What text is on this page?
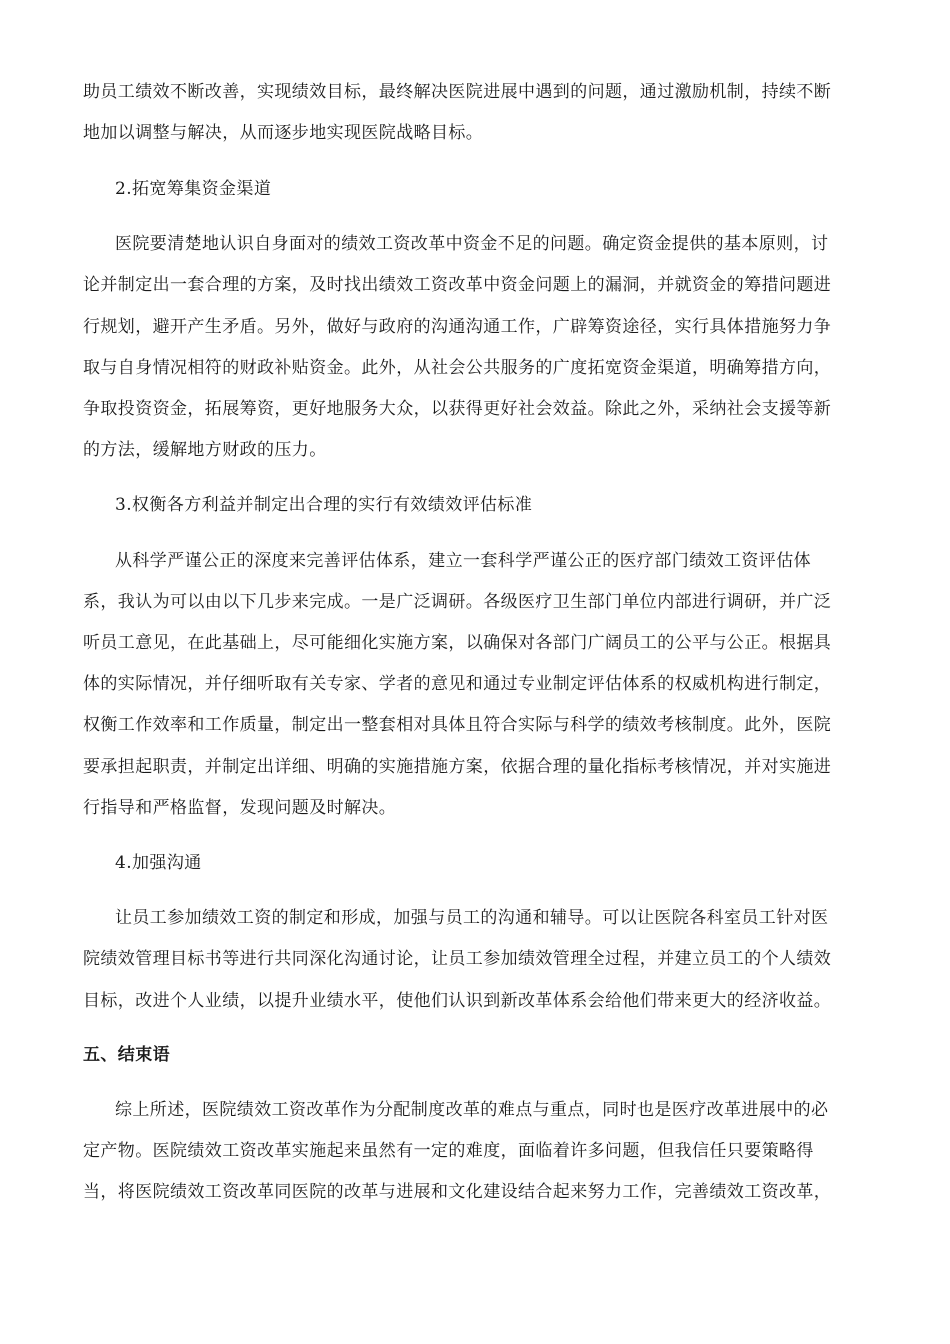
助员工绩效不断改善，实现绩效目标，最终解决医院进展中遇到的问题，通过激励机制，持续不断
地加以调整与解决，从而逐步地实现医院战略目标。
2.拓宽筹集资金渠道
医院要清楚地认识自身面对的绩效工资改革中资金不足的问题。确定资金提供的基本原则，讨
论并制定出一套合理的方案，及时找出绩效工资改革中资金问题上的漏洞，并就资金的筹措问题进
行规划，避开产生矛盾。另外，做好与政府的沟通沟通工作，广辟筹资途径，实行具体措施努力争
取与自身情况相符的财政补贴资金。此外，从社会公共服务的广度拓宽资金渠道，明确筹措方向，
争取投资资金，拓展筹资，更好地服务大众，以获得更好社会效益。除此之外，采纳社会支援等新
的方法，缓解地方财政的压力。
3.权衡各方利益并制定出合理的实行有效绩效评估标准
从科学严谨公正的深度来完善评估体系，建立一套科学严谨公正的医疗部门绩效工资评估体
系，我认为可以由以下几步来完成。一是广泛调研。各级医疗卫生部门单位内部进行调研，并广泛
听员工意见，在此基础上，尽可能细化实施方案，以确保对各部门广阔员工的公平与公正。根据具
体的实际情况，并仔细听取有关专家、学者的意见和通过专业制定评估体系的权威机构进行制定，
权衡工作效率和工作质量，制定出一整套相对具体且符合实际与科学的绩效考核制度。此外，医院
要承担起职责，并制定出详细、明确的实施措施方案，依据合理的量化指标考核情况，并对实施进
行指导和严格监督，发现问题及时解决。
4.加强沟通
让员工参加绩效工资的制定和形成，加强与员工的沟通和辅导。可以让医院各科室员工针对医
院绩效管理目标书等进行共同深化沟通讨论，让员工参加绩效管理全过程，并建立员工的个人绩效
目标，改进个人业绩，以提升业绩水平，使他们认识到新改革体系会给他们带来更大的经济收益。
五、结束语
综上所述，医院绩效工资改革作为分配制度改革的难点与重点，同时也是医疗改革进展中的必
定产物。医院绩效工资改革实施起来虽然有一定的难度，面临着许多问题，但我信任只要策略得
当，将医院绩效工资改革同医院的改革与进展和文化建设结合起来努力工作，完善绩效工资改革，
